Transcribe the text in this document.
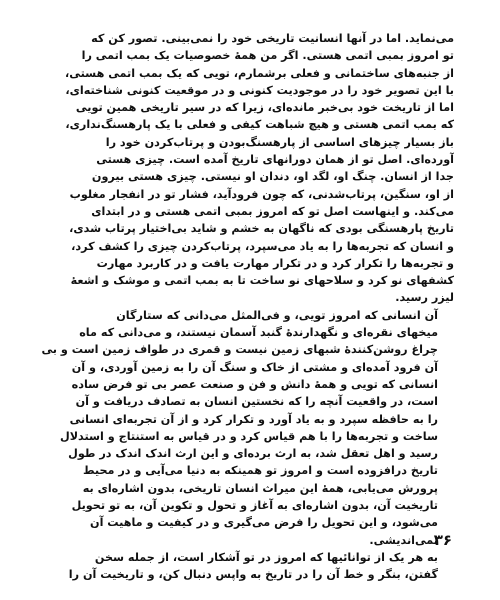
می‌نماید. اما در آنها انسانیت تاریخی خود را نمی‌بینی. تصور کن که
تو امروز بمبی اتمی هستی. اگر من همهٔ خصوصیات یک بمب اتمی را
از جنبه‌های ساختمانی و فعلی برشمارم، تویی که یک بمب اتمی هستی،
با این تصویر خود را در موجودیت کنونی و در موقعیت کنونی شناخته‌ای،
اما از تاریخت خود بی‌خبر مانده‌ای، زیرا که در سیر تاریخی همین تویی
که بمب اتمی هستی و هیچ شباهت کیفی و فعلی با یک پارهسنگ‌نداری،
باز بسیار چیزهای اساسی از پارهسنگ‌بودن و پرتاب‌کردن خود را
آورده‌ای. اصل تو از همان دورانهای تاریخ آمده است. چیزی هستی
جدا از انسان. چنگ او، لگد او، دندان او نیستی. چیزی هستی بیرون
از او، سنگین، پرتاب‌شدنی، که چون فرودآید، فشار تو در انفجار مغلوب
می‌کند. و اینهاست اصل تو که امروز بمبی اتمی هستی و در ابتدای
تاریخ پارهسنگی بودی که ناگهان به خشم و شاید بی‌اختیار پرتاب شدی،
و انسان که تجربه‌ها را به یاد می‌سپرد، پرتاب‌کردن چیزی را کشف کرد،
و تجربه‌ها را تکرار کرد و در تکرار مهارت یافت و در کاربرد مهارت
کشفهای نو کرد و سلاحهای نو ساخت تا به بمب اتمی و موشک و اشعهٔ
لیزر رسید.

آن انسانی که امروز تویی، و فی‌المثل می‌دانی که ستارگان
میخهای نقره‌ای و نگهدارندهٔ گنبد آسمان نیستند، و می‌دانی که ماه
چراغ روشن‌کنندهٔ شبهای زمین نیست و قمری در طواف زمین است و بی
آن فرود آمده‌ای و مشتی از خاک و سنگ آن را به زمین آوردی، و آن
انسانی که تویی و همهٔ دانش و فن و صنعت عصر بی تو فرض ساده
است، در واقعیت آنچه را که نخستین انسان به تصادف دریافت و آن
را به حافظه سپرد و به یاد آورد و تکرار کرد و از آن تجربه‌ای انسانی
ساخت و تجربه‌ها را با هم قیاس کرد و در قیاس به استنتاج و استدلال
رسید و اهل تعقل شد، به ارث برده‌ای و این ارث اندک اندک در طول
تاریخ درافزوده است و امروز تو همینکه به دنیا می‌آیی و در محیط
پرورش می‌یابی، همهٔ این میراث انسان تاریخی، بدون اشاره‌ای به
تاریخیت آن، بدون اشاره‌ای به آغاز و تحول و تکوین آن، به تو تحویل
می‌شود، و این تحویل را فرض می‌گیری و در کیفیت و ماهیت آن
نمی‌اندیشی.

به هر یک از توانائیها که امروز در تو آشکار است، از جمله سخن
گفتن، بنگر و خط آن را در تاریخ به واپس دنبال کن، و تاریخیت آن را

۳۶
